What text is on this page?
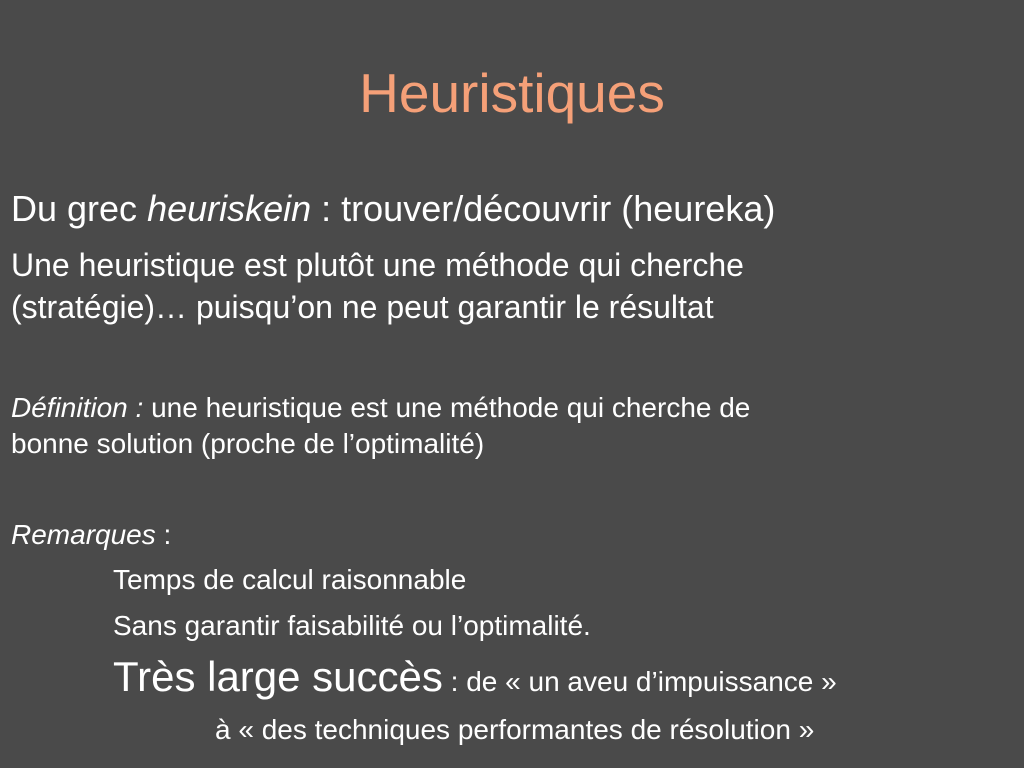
Heuristiques
Du grec heuriskein : trouver/découvrir (heureka)
Une heuristique est plutôt une méthode qui cherche
(stratégie)… puisqu’on ne peut garantir le résultat
Définition : une heuristique est une méthode qui cherche de
bonne solution (proche de l’optimalité)
Remarques :
Temps de calcul raisonnable
Sans garantir faisabilité ou l’optimalité.
Très large succès : de « un aveu d’impuissance »
à « des techniques performantes de résolution »
